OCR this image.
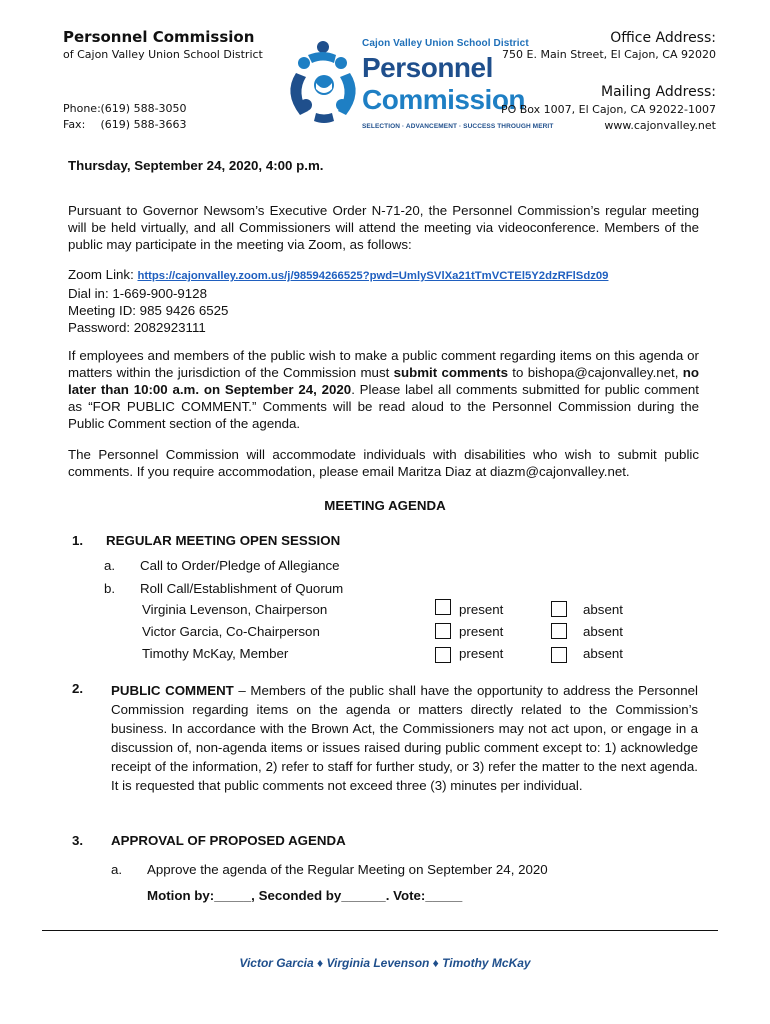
Personnel Commission
of Cajon Valley Union School District
Phone: (619) 588-3050
Fax: (619) 588-3663
Cajon Valley Union School District
Personnel
Commission
SELECTION · ADVANCEMENT · SUCCESS THROUGH MERIT
Office Address:
750 E. Main Street, El Cajon, CA 92020
Mailing Address:
PO Box 1007, El Cajon, CA 92022-1007
www.cajonvalley.net
Thursday, September 24, 2020, 4:00 p.m.
Pursuant to Governor Newsom’s Executive Order N-71-20, the Personnel Commission’s regular meeting will be held virtually, and all Commissioners will attend the meeting via videoconference. Members of the public may participate in the meeting via Zoom, as follows:
Zoom Link: https://cajonvalley.zoom.us/j/98594266525?pwd=UmlySVlXa21tTmVCTEl5Y2dzRFlSdz09
Dial in: 1-669-900-9128
Meeting ID: 985 9426 6525
Password: 2082923111
If employees and members of the public wish to make a public comment regarding items on this agenda or matters within the jurisdiction of the Commission must submit comments to bishopa@cajonvalley.net, no later than 10:00 a.m. on September 24, 2020. Please label all comments submitted for public comment as “FOR PUBLIC COMMENT.” Comments will be read aloud to the Personnel Commission during the Public Comment section of the agenda.
The Personnel Commission will accommodate individuals with disabilities who wish to submit public comments. If you require accommodation, please email Maritza Diaz at diazm@cajonvalley.net.
MEETING AGENDA
1. REGULAR MEETING OPEN SESSION
a. Call to Order/Pledge of Allegiance
b. Roll Call/Establishment of Quorum
Virginia Levenson, Chairperson	present	absent
Victor Garcia, Co-Chairperson	present	absent
Timothy McKay, Member	present	absent
2. PUBLIC COMMENT – Members of the public shall have the opportunity to address the Personnel Commission regarding items on the agenda or matters directly related to the Commission’s business. In accordance with the Brown Act, the Commissioners may not act upon, or engage in a discussion of, non-agenda items or issues raised during public comment except to: 1) acknowledge receipt of the information, 2) refer to staff for further study, or 3) refer the matter to the next agenda. It is requested that public comments not exceed three (3) minutes per individual.
3. APPROVAL OF PROPOSED AGENDA
a. Approve the agenda of the Regular Meeting on September 24, 2020
Motion by:_____, Seconded by______. Vote:_____
Victor Garcia ♦ Virginia Levenson ♦ Timothy McKay
